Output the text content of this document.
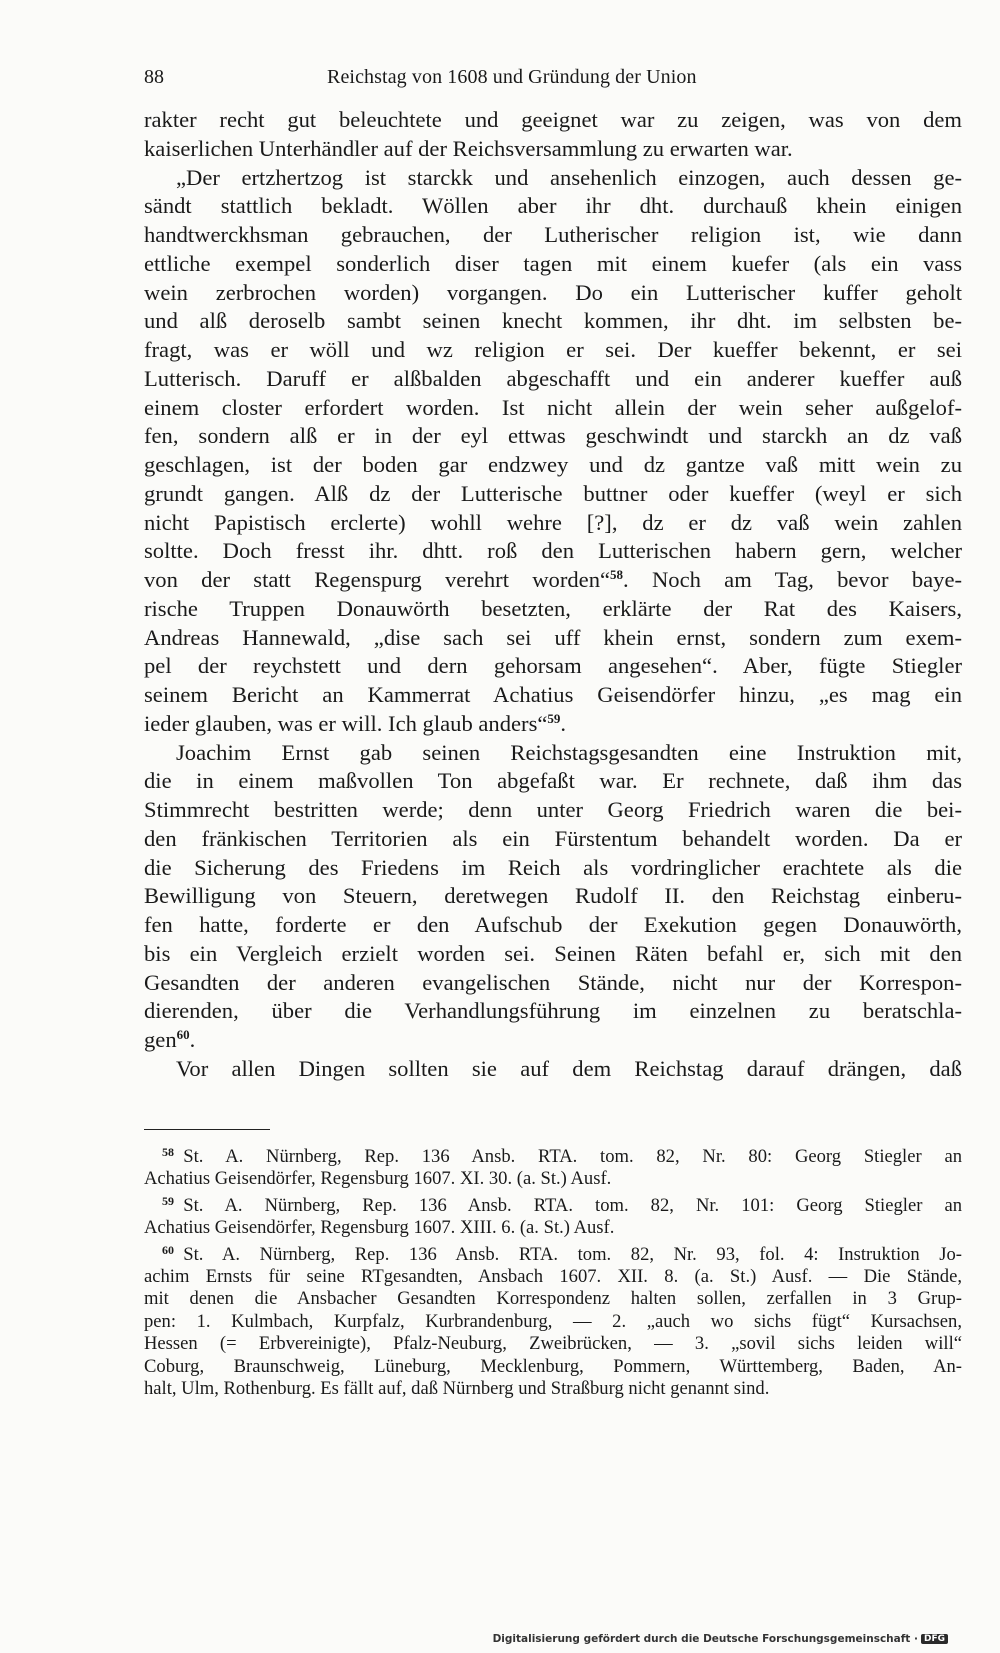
88	Reichstag von 1608 und Gründung der Union
rakter recht gut beleuchtete und geeignet war zu zeigen, was von dem
kaiserlichen Unterhändler auf der Reichsversammlung zu erwarten war.
„Der ertzhertzog ist starckk und ansehenlich einzogen, auch dessen ge-
sändt stattlich bekladt. Wöllen aber ihr dht. durchauß khein einigen
handtwerckhsman gebrauchen, der Lutherischer religion ist, wie dann
ettliche exempel sonderlich diser tagen mit einem kuefer (als ein vass
wein zerbrochen worden) vorgangen. Do ein Lutterischer kuffer geholt
und alß deroselb sambt seinen knecht kommen, ihr dht. im selbsten be-
fragt, was er wöll und wz religion er sei. Der kueffer bekennt, er sei
Lutterisch. Daruff er alßbalden abgeschafft und ein anderer kueffer auß
einem closter erfordert worden. Ist nicht allein der wein seher außgelof-
fen, sondern alß er in der eyl ettwas geschwindt und starckh an dz vaß
geschlagen, ist der boden gar endzwey und dz gantze vaß mitt wein zu
grundt gangen. Alß dz der Lutterische buttner oder kueffer (weyl er sich
nicht Papistisch erclerte) wohll wehre [?], dz er dz vaß wein zahlen
soltte. Doch fresst ihr. dhtt. roß den Lutterischen habern gern, welcher
von der statt Regenspurg verehrt worden“$^{58}$. Noch am Tag, bevor baye-
rische Truppen Donauwörth besetzten, erklärte der Rat des Kaisers,
Andreas Hannewald, „dise sach sei uff khein ernst, sondern zum exem-
pel der reychstett und dern gehorsam angesehen“. Aber, fügte Stiegler
seinem Bericht an Kammerrat Achatius Geisendörfer hinzu, „es mag ein
ieder glauben, was er will. Ich glaub anders“$^{59}$.
Joachim Ernst gab seinen Reichstagsgesandten eine Instruktion mit,
die in einem maßvollen Ton abgefaßt war. Er rechnete, daß ihm das
Stimmrecht bestritten werde; denn unter Georg Friedrich waren die bei-
den fränkischen Territorien als ein Fürstentum behandelt worden. Da er
die Sicherung des Friedens im Reich als vordringlicher erachtete als die
Bewilligung von Steuern, deretwegen Rudolf II. den Reichstag einberu-
fen hatte, forderte er den Aufschub der Exekution gegen Donauwörth,
bis ein Vergleich erzielt worden sei. Seinen Räten befahl er, sich mit den
Gesandten der anderen evangelischen Stände, nicht nur der Korrespon-
dierenden, über die Verhandlungsführung im einzelnen zu beratschla-
gen$^{60}$.
Vor allen Dingen sollten sie auf dem Reichstag darauf drängen, daß
$^{58}$  St. A. Nürnberg, Rep. 136 Ansb. RTA. tom. 82, Nr. 80: Georg Stiegler an
Achatius Geisendörfer, Regensburg 1607. XI. 30. (a. St.) Ausf.
$^{59}$  St. A. Nürnberg, Rep. 136 Ansb. RTA. tom. 82, Nr. 101: Georg Stiegler an
Achatius Geisendörfer, Regensburg 1607. XIII. 6. (a. St.) Ausf.
$^{60}$  St. A. Nürnberg, Rep. 136 Ansb. RTA. tom. 82, Nr. 93, fol. 4: Instruktion Jo-
achim Ernsts für seine RTgesandten, Ansbach 1607. XII. 8. (a. St.) Ausf. — Die Stände,
mit denen die Ansbacher Gesandten Korrespondenz halten sollen, zerfallen in 3 Grup-
pen: 1. Kulmbach, Kurpfalz, Kurbrandenburg, — 2. „auch wo sichs fügt“ Kursachsen,
Hessen (= Erbvereinigte), Pfalz-Neuburg, Zweibrücken, — 3. „sovil sichs leiden will“
Coburg, Braunschweig, Lüneburg, Mecklenburg, Pommern, Württemberg, Baden, An-
halt, Ulm, Rothenburg. Es fällt auf, daß Nürnberg und Straßburg nicht genannt sind.
Digitalisierung gefördert durch die Deutsche Forschungsgemeinschaft · DFG
